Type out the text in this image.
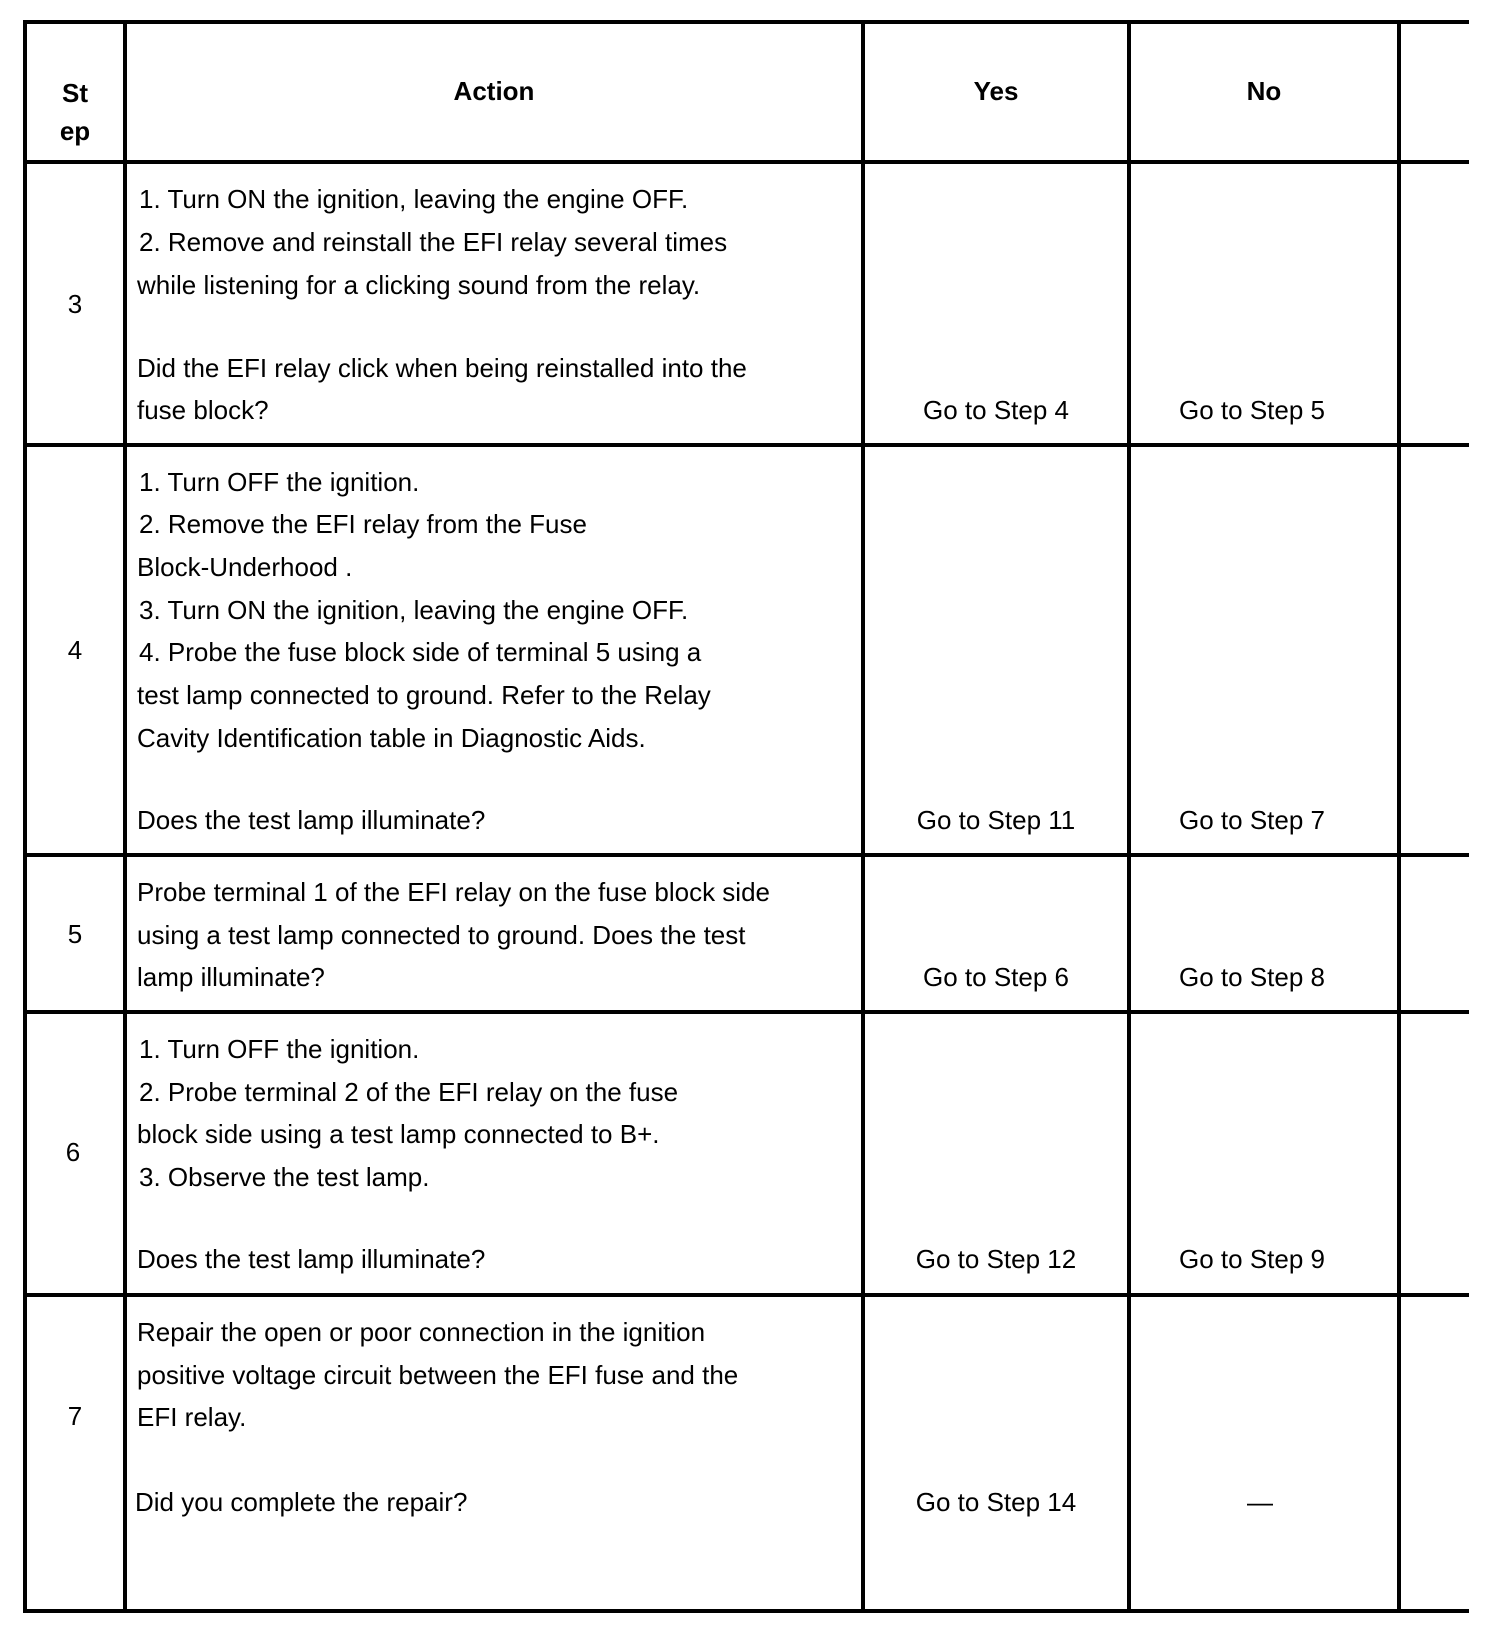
St
ep
Action	Yes	No
3
1. Turn ON the ignition, leaving the engine OFF.
2. Remove and reinstall the EFI relay several times
while listening for a clicking sound from the relay.
Did the EFI relay click when being reinstalled into the
fuse block?	Go to Step 4	Go to Step 5
4
1. Turn OFF the ignition.
2. Remove the EFI relay from the Fuse
Block-Underhood .
3. Turn ON the ignition, leaving the engine OFF.
4. Probe the fuse block side of terminal 5 using a
test lamp connected to ground. Refer to the Relay
Cavity Identification table in Diagnostic Aids.
Does the test lamp illuminate?	Go to Step 11	Go to Step 7
5
Probe terminal 1 of the EFI relay on the fuse block side
using a test lamp connected to ground. Does the test
lamp illuminate?	Go to Step 6	Go to Step 8
6
1. Turn OFF the ignition.
2. Probe terminal 2 of the EFI relay on the fuse
block side using a test lamp connected to B+.
3. Observe the test lamp.
Does the test lamp illuminate?	Go to Step 12	Go to Step 9
7
Repair the open or poor connection in the ignition
positive voltage circuit between the EFI fuse and the
EFI relay.
Did you complete the repair?	Go to Step 14	—
